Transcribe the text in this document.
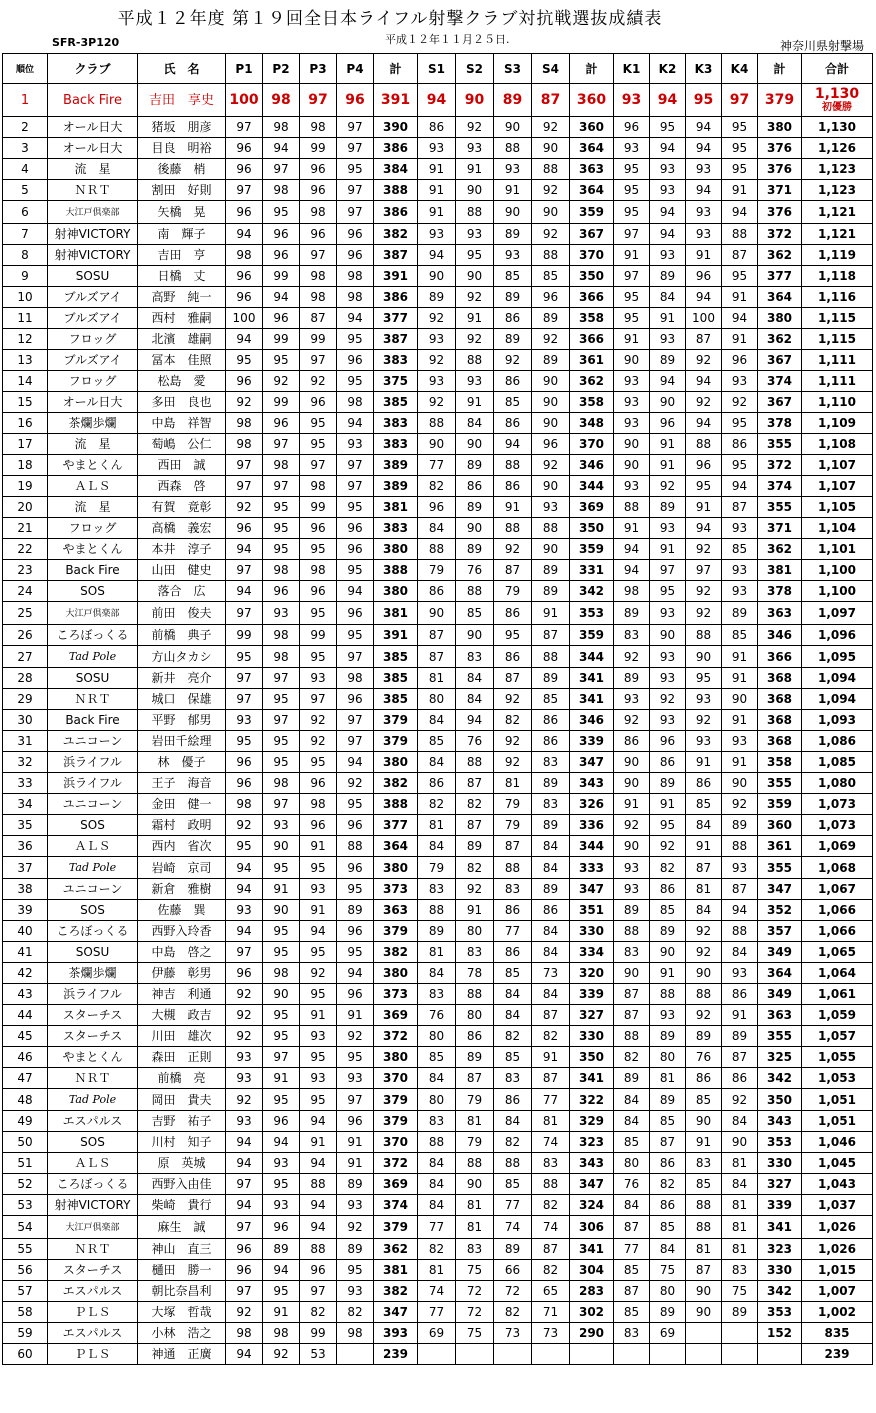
平成１２年度 第１９回全日本ライフル射撃クラブ対抗戦選抜成績表
SFR-3P120	平成１２年１１月２５日.	神奈川県射撃場
順位	クラブ	氏　名	P1	P2	P3	P4	計	S1	S2	S3	S4	計	K1	K2	K3	K4	計	合計
1	Back Fire	吉田　享史	100	98	97	96	391	94	90	89	87	360	93	94	95	97	379	1,130
初優勝

2	オール日大	猪坂　朋彦	97	98	98	97	390	86	92	90	92	360	96	95	94	95	380	1,130
3	オール日大	目良　明裕	96	94	99	97	386	93	93	88	90	364	93	94	94	95	376	1,126
4	流　星	後藤　梢	96	97	96	95	384	91	91	93	88	363	95	93	93	95	376	1,123
5	ＮＲＴ	割田　好則	97	98	96	97	388	91	90	91	92	364	95	93	94	91	371	1,123
6	大江戸倶楽部	矢橋　晃	96	95	98	97	386	91	88	90	90	359	95	94	93	94	376	1,121
7	射神VICTORY	南　輝子	94	96	96	96	382	93	93	89	92	367	97	94	93	88	372	1,121
8	射神VICTORY	吉田　亨	98	96	97	96	387	94	95	93	88	370	91	93	91	87	362	1,119
9	SOSU	日橋　丈	96	99	98	98	391	90	90	85	85	350	97	89	96	95	377	1,118
10	ブルズアイ	高野　純一	96	94	98	98	386	89	92	89	96	366	95	84	94	91	364	1,116
11	ブルズアイ	西村　雅嗣	100	96	87	94	377	92	91	86	89	358	95	91	100	94	380	1,115
12	フロッグ	北濱　雄嗣	94	99	99	95	387	93	92	89	92	366	91	93	87	91	362	1,115
13	ブルズアイ	冨本　佳照	95	95	97	96	383	92	88	92	89	361	90	89	92	96	367	1,111
14	フロッグ	松島　愛	96	92	92	95	375	93	93	86	90	362	93	94	94	93	374	1,111
15	オール日大	多田　良也	92	99	96	98	385	92	91	85	90	358	93	90	92	92	367	1,110
16	茶爛歩爛	中島　祥智	98	96	95	94	383	88	84	86	90	348	93	96	94	95	378	1,109
17	流　星	萄嶋　公仁	98	97	95	93	383	90	90	94	96	370	90	91	88	86	355	1,108
18	やまとくん	西田　誠	97	98	97	97	389	77	89	88	92	346	90	91	96	95	372	1,107
19	ＡＬＳ	西森　啓	97	97	98	97	389	82	86	86	90	344	93	92	95	94	374	1,107
20	流　星	有賀　竟彰	92	95	99	95	381	96	89	91	93	369	88	89	91	87	355	1,105
21	フロッグ	高橋　義宏	96	95	96	96	383	84	90	88	88	350	91	93	94	93	371	1,104
22	やまとくん	本井　淳子	94	95	95	96	380	88	89	92	90	359	94	91	92	85	362	1,101
23	Back Fire	山田　健史	97	98	98	95	388	79	76	87	89	331	94	97	97	93	381	1,100
24	SOS	落合　広	94	96	96	94	380	86	88	79	89	342	98	95	92	93	378	1,100
25	大江戸倶楽部	前田　俊夫	97	93	95	96	381	90	85	86	91	353	89	93	92	89	363	1,097
26	ころぼっくる	前橋　典子	99	98	99	95	391	87	90	95	87	359	83	90	88	85	346	1,096
27	Tad Pole	方山タカシ	95	98	95	97	385	87	83	86	88	344	92	93	90	91	366	1,095
28	SOSU	新井　亮介	97	97	93	98	385	81	84	87	89	341	89	93	95	91	368	1,094
29	ＮＲＴ	城口　保雄	97	95	97	96	385	80	84	92	85	341	93	92	93	90	368	1,094
30	Back Fire	平野　郁男	93	97	92	97	379	84	94	82	86	346	92	93	92	91	368	1,093
31	ユニコーン	岩田千絵理	95	95	92	97	379	85	76	92	86	339	86	96	93	93	368	1,086
32	浜ライフル	林　優子	96	95	95	94	380	84	88	92	83	347	90	86	91	91	358	1,085
33	浜ライフル	王子　海音	96	98	96	92	382	86	87	81	89	343	90	89	86	90	355	1,080
34	ユニコーン	金田　健一	98	97	98	95	388	82	82	79	83	326	91	91	85	92	359	1,073
35	SOS	霜村　政明	92	93	96	96	377	81	87	79	89	336	92	95	84	89	360	1,073
36	ＡＬＳ	西内　省次	95	90	91	88	364	84	89	87	84	344	90	92	91	88	361	1,069
37	Tad Pole	岩崎　京司	94	95	95	96	380	79	82	88	84	333	93	82	87	93	355	1,068
38	ユニコーン	新倉　雅樹	94	91	93	95	373	83	92	83	89	347	93	86	81	87	347	1,067
39	SOS	佐藤　巽	93	90	91	89	363	88	91	86	86	351	89	85	84	94	352	1,066
40	ころぼっくる	西野入玲香	94	95	94	96	379	89	80	77	84	330	88	89	92	88	357	1,066
41	SOSU	中島　啓之	97	95	95	95	382	81	83	86	84	334	83	90	92	84	349	1,065
42	茶爛歩爛	伊藤　彰男	96	98	92	94	380	84	78	85	73	320	90	91	90	93	364	1,064
43	浜ライフル	神吉　利通	92	90	95	96	373	83	88	84	84	339	87	88	88	86	349	1,061
44	スターチス	大槻　政吉	92	95	91	91	369	76	80	84	87	327	87	93	92	91	363	1,059
45	スターチス	川田　雄次	92	95	93	92	372	80	86	82	82	330	88	89	89	89	355	1,057
46	やまとくん	森田　正則	93	97	95	95	380	85	89	85	91	350	82	80	76	87	325	1,055
47	ＮＲＴ	前橋　亮	93	91	93	93	370	84	87	83	87	341	89	81	86	86	342	1,053
48	Tad Pole	岡田　貴夫	92	95	95	97	379	80	79	86	77	322	84	89	85	92	350	1,051
49	エスパルス	吉野　祐子	93	96	94	96	379	83	81	84	81	329	84	85	90	84	343	1,051
50	SOS	川村　知子	94	94	91	91	370	88	79	82	74	323	85	87	91	90	353	1,046
51	ＡＬＳ	原　英城	94	93	94	91	372	84	88	88	83	343	80	86	83	81	330	1,045
52	ころぼっくる	西野入由佳	97	95	88	89	369	84	90	85	88	347	76	82	85	84	327	1,043
53	射神VICTORY	柴崎　貴行	94	93	94	93	374	84	81	77	82	324	84	86	88	81	339	1,037
54	大江戸倶楽部	麻生　誠	97	96	94	92	379	77	81	74	74	306	87	85	88	81	341	1,026
55	ＮＲＴ	神山　直三	96	89	88	89	362	82	83	89	87	341	77	84	81	81	323	1,026
56	スターチス	樋田　勝一	96	94	96	95	381	81	75	66	82	304	85	75	87	83	330	1,015
57	エスパルス	朝比奈昌利	97	95	97	93	382	74	72	72	65	283	87	80	90	75	342	1,007
58	ＰＬＳ	大塚　哲哉	92	91	82	82	347	77	72	82	71	302	85	89	90	89	353	1,002
59	エスパルス	小林　浩之	98	98	99	98	393	69	75	73	73	290	83	69			152	835
60	ＰＬＳ	神通　正廣	94	92	53		239											239
